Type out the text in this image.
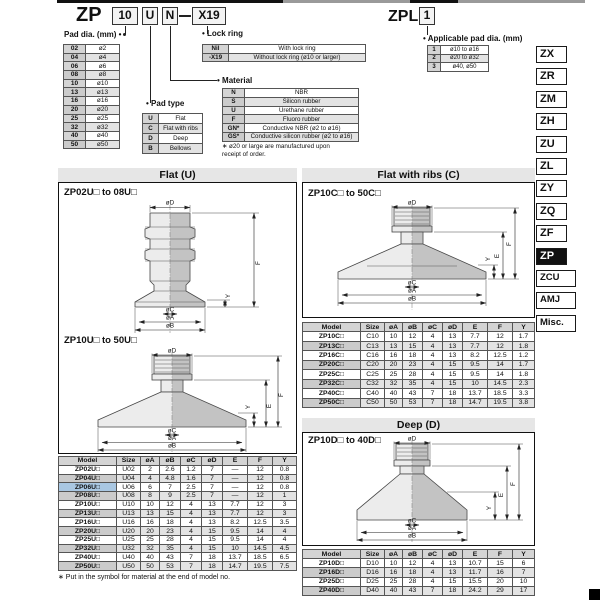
ZP	10	U N	X19	ZPL 1
Pad dia. (mm) •
• Pad type
• Lock ring
• Material
• Applicable pad dia. (mm)
02	ø2
04	ø4
06	ø6
08	ø8
10	ø10
13	ø13
16	ø16
20	ø20
25	ø25
32	ø32
40	ø40
50	ø50
Nil	With lock ring
-X19	Without lock ring (ø10 or larger)
N	NBR
S	Silicon rubber
U	Urethane rubber
F	Fluoro rubber
GN*	Conductive NBR (ø2 to ø16)
GS*	Conductive silicon rubber (ø2 to ø16)
U	Flat
C	Flat with ribs
D	Deep
B	Bellows
1	ø10 to ø16
2	ø20 to ø32
3	ø40, ø50
∗ ø20 or large are manufactured upon receipt of order.
ZX
ZR
ZM
ZH
ZU
ZL
ZY
ZQ
ZF
ZP
ZCU
AMJ
Misc.
Flat (U)
ZP02U□ to 08U□
øD
F
Y
øC
øA
øB
ZP10U□ to 50U□
øD
F
E
Y
øC
øA
øB
Model	Size	øA	øB	øC	øD	E	F	Y
ZP02U□	U02	2	2.6	1.2	7	—	12	0.8
ZP04U□	U04	4	4.8	1.6	7	—	12	0.8
ZP06U□	U06	6	7	2.5	7	—	12	0.8
ZP08U□	U08	8	9	2.5	7	—	12	1
ZP10U□	U10	10	12	4	13	7.7	12	3
ZP13U□	U13	13	15	4	13	7.7	12	3
ZP16U□	U16	16	18	4	13	8.2	12.5	3.5
ZP20U□	U20	20	23	4	15	9.5	14	4
ZP25U□	U25	25	28	4	15	9.5	14	4
ZP32U□	U32	32	35	4	15	10	14.5	4.5
ZP40U□	U40	40	43	7	18	13.7	18.5	6.5
ZP50U□	U50	50	53	7	18	14.7	19.5	7.5
∗ Put in the symbol for material at the end of model no.
Flat with ribs (C)
ZP10C□ to 50C□
øD
F
E
Y
øC
øA
øB
Model	Size	øA	øB	øC	øD	E	F	Y
ZP10C□	C10	10	12	4	13	7.7	12	1.7
ZP13C□	C13	13	15	4	13	7.7	12	1.8
ZP16C□	C16	16	18	4	13	8.2	12.5	1.2
ZP20C□	C20	20	23	4	15	9.5	14	1.7
ZP25C□	C25	25	28	4	15	9.5	14	1.8
ZP32C□	C32	32	35	4	15	10	14.5	2.3
ZP40C□	C40	40	43	7	18	13.7	18.5	3.3
ZP50C□	C50	50	53	7	18	14.7	19.5	3.8
Deep (D)
ZP10D□ to 40D□	øD
F
E
Y
øC
øA
øB
Model	Size	øA	øB	øC	øD	E	F	Y
ZP10D□	D10	10	12	4	13	10.7	15	6
ZP16D□	D16	16	18	4	13	11.7	16	7
ZP25D□	D25	25	28	4	15	15.5	20	10
ZP40D□	D40	40	43	7	18	24.2	29	17
